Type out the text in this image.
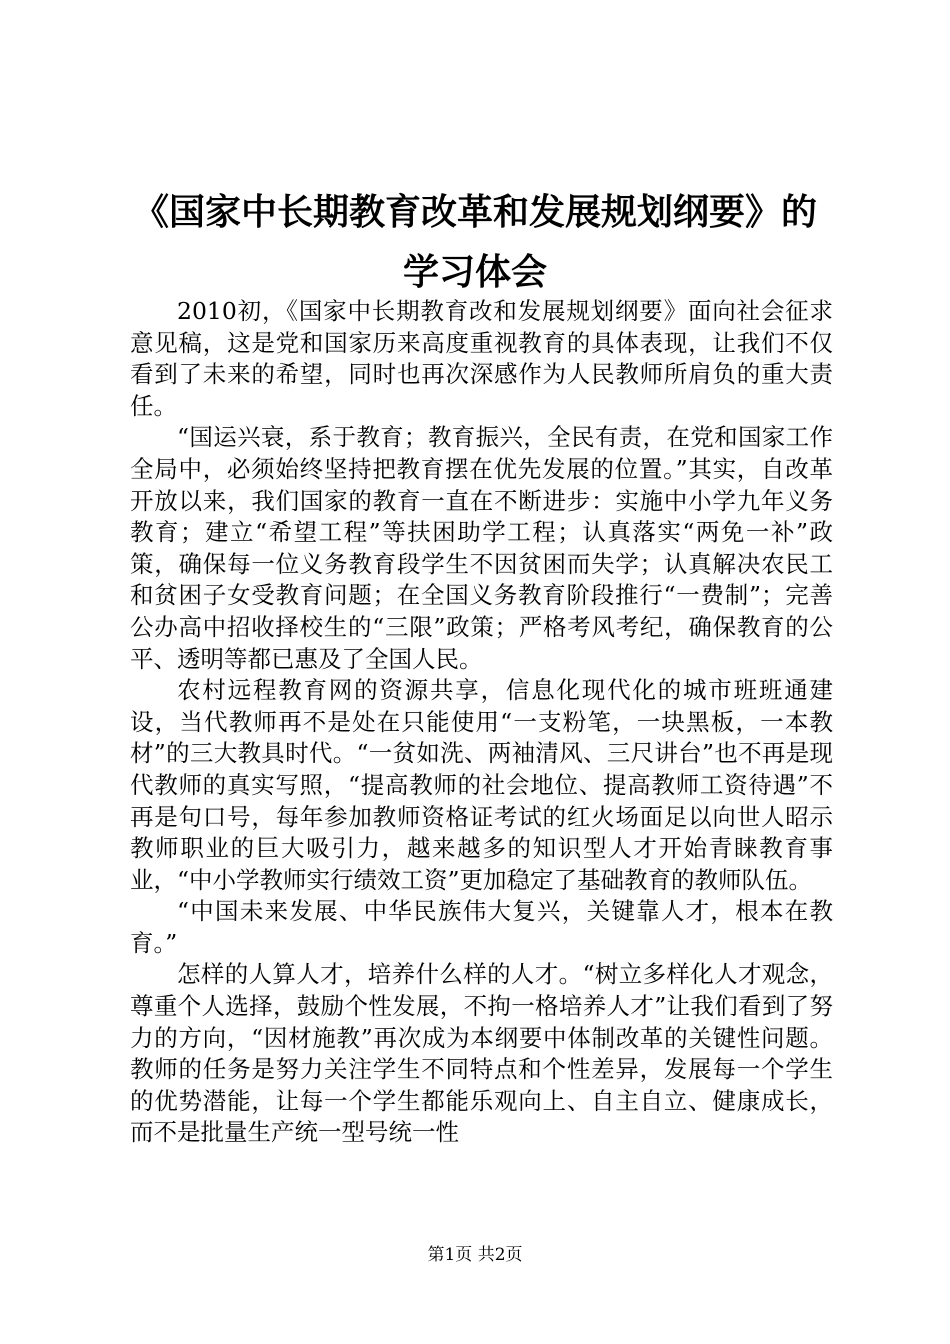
《国家中长期教育改革和发展规划纲要》的学习体会

2010初，《国家中长期教育改和发展规划纲要》面向社会征求意见稿，这是党和国家历来高度重视教育的具体表现，让我们不仅看到了未来的希望，同时也再次深感作为人民教师所肩负的重大责任。

“国运兴衰，系于教育；教育振兴，全民有责，在党和国家工作全局中，必须始终坚持把教育摆在优先发展的位置。”其实，自改革开放以来，我们国家的教育一直在不断进步：实施中小学九年义务教育；建立“希望工程”等扶困助学工程；认真落实“两免一补”政策，确保每一位义务教育段学生不因贫困而失学；认真解决农民工和贫困子女受教育问题；在全国义务教育阶段推行“一费制”；完善公办高中招收择校生的“三限”政策；严格考风考纪，确保教育的公平、透明等都已惠及了全国人民。

农村远程教育网的资源共享，信息化现代化的城市班班通建设，当代教师再不是处在只能使用“一支粉笔，一块黑板，一本教材”的三大教具时代。“一贫如洗、两袖清风、三尺讲台”也不再是现代教师的真实写照，“提高教师的社会地位、提高教师工资待遇”不再是句口号，每年参加教师资格证考试的红火场面足以向世人昭示教师职业的巨大吸引力，越来越多的知识型人才开始青睐教育事业，“中小学教师实行绩效工资”更加稳定了基础教育的教师队伍。

“中国未来发展、中华民族伟大复兴，关键靠人才，根本在教育。”

怎样的人算人才，培养什么样的人才。“树立多样化人才观念，尊重个人选择，鼓励个性发展，不拘一格培养人才”让我们看到了努力的方向，“因材施教”再次成为本纲要中体制改革的关键性问题。教师的任务是努力关注学生不同特点和个性差异，发展每一个学生的优势潜能，让每一个学生都能乐观向上、自主自立、健康成长，而不是批量生产统一型号统一性

第1页 共2页
